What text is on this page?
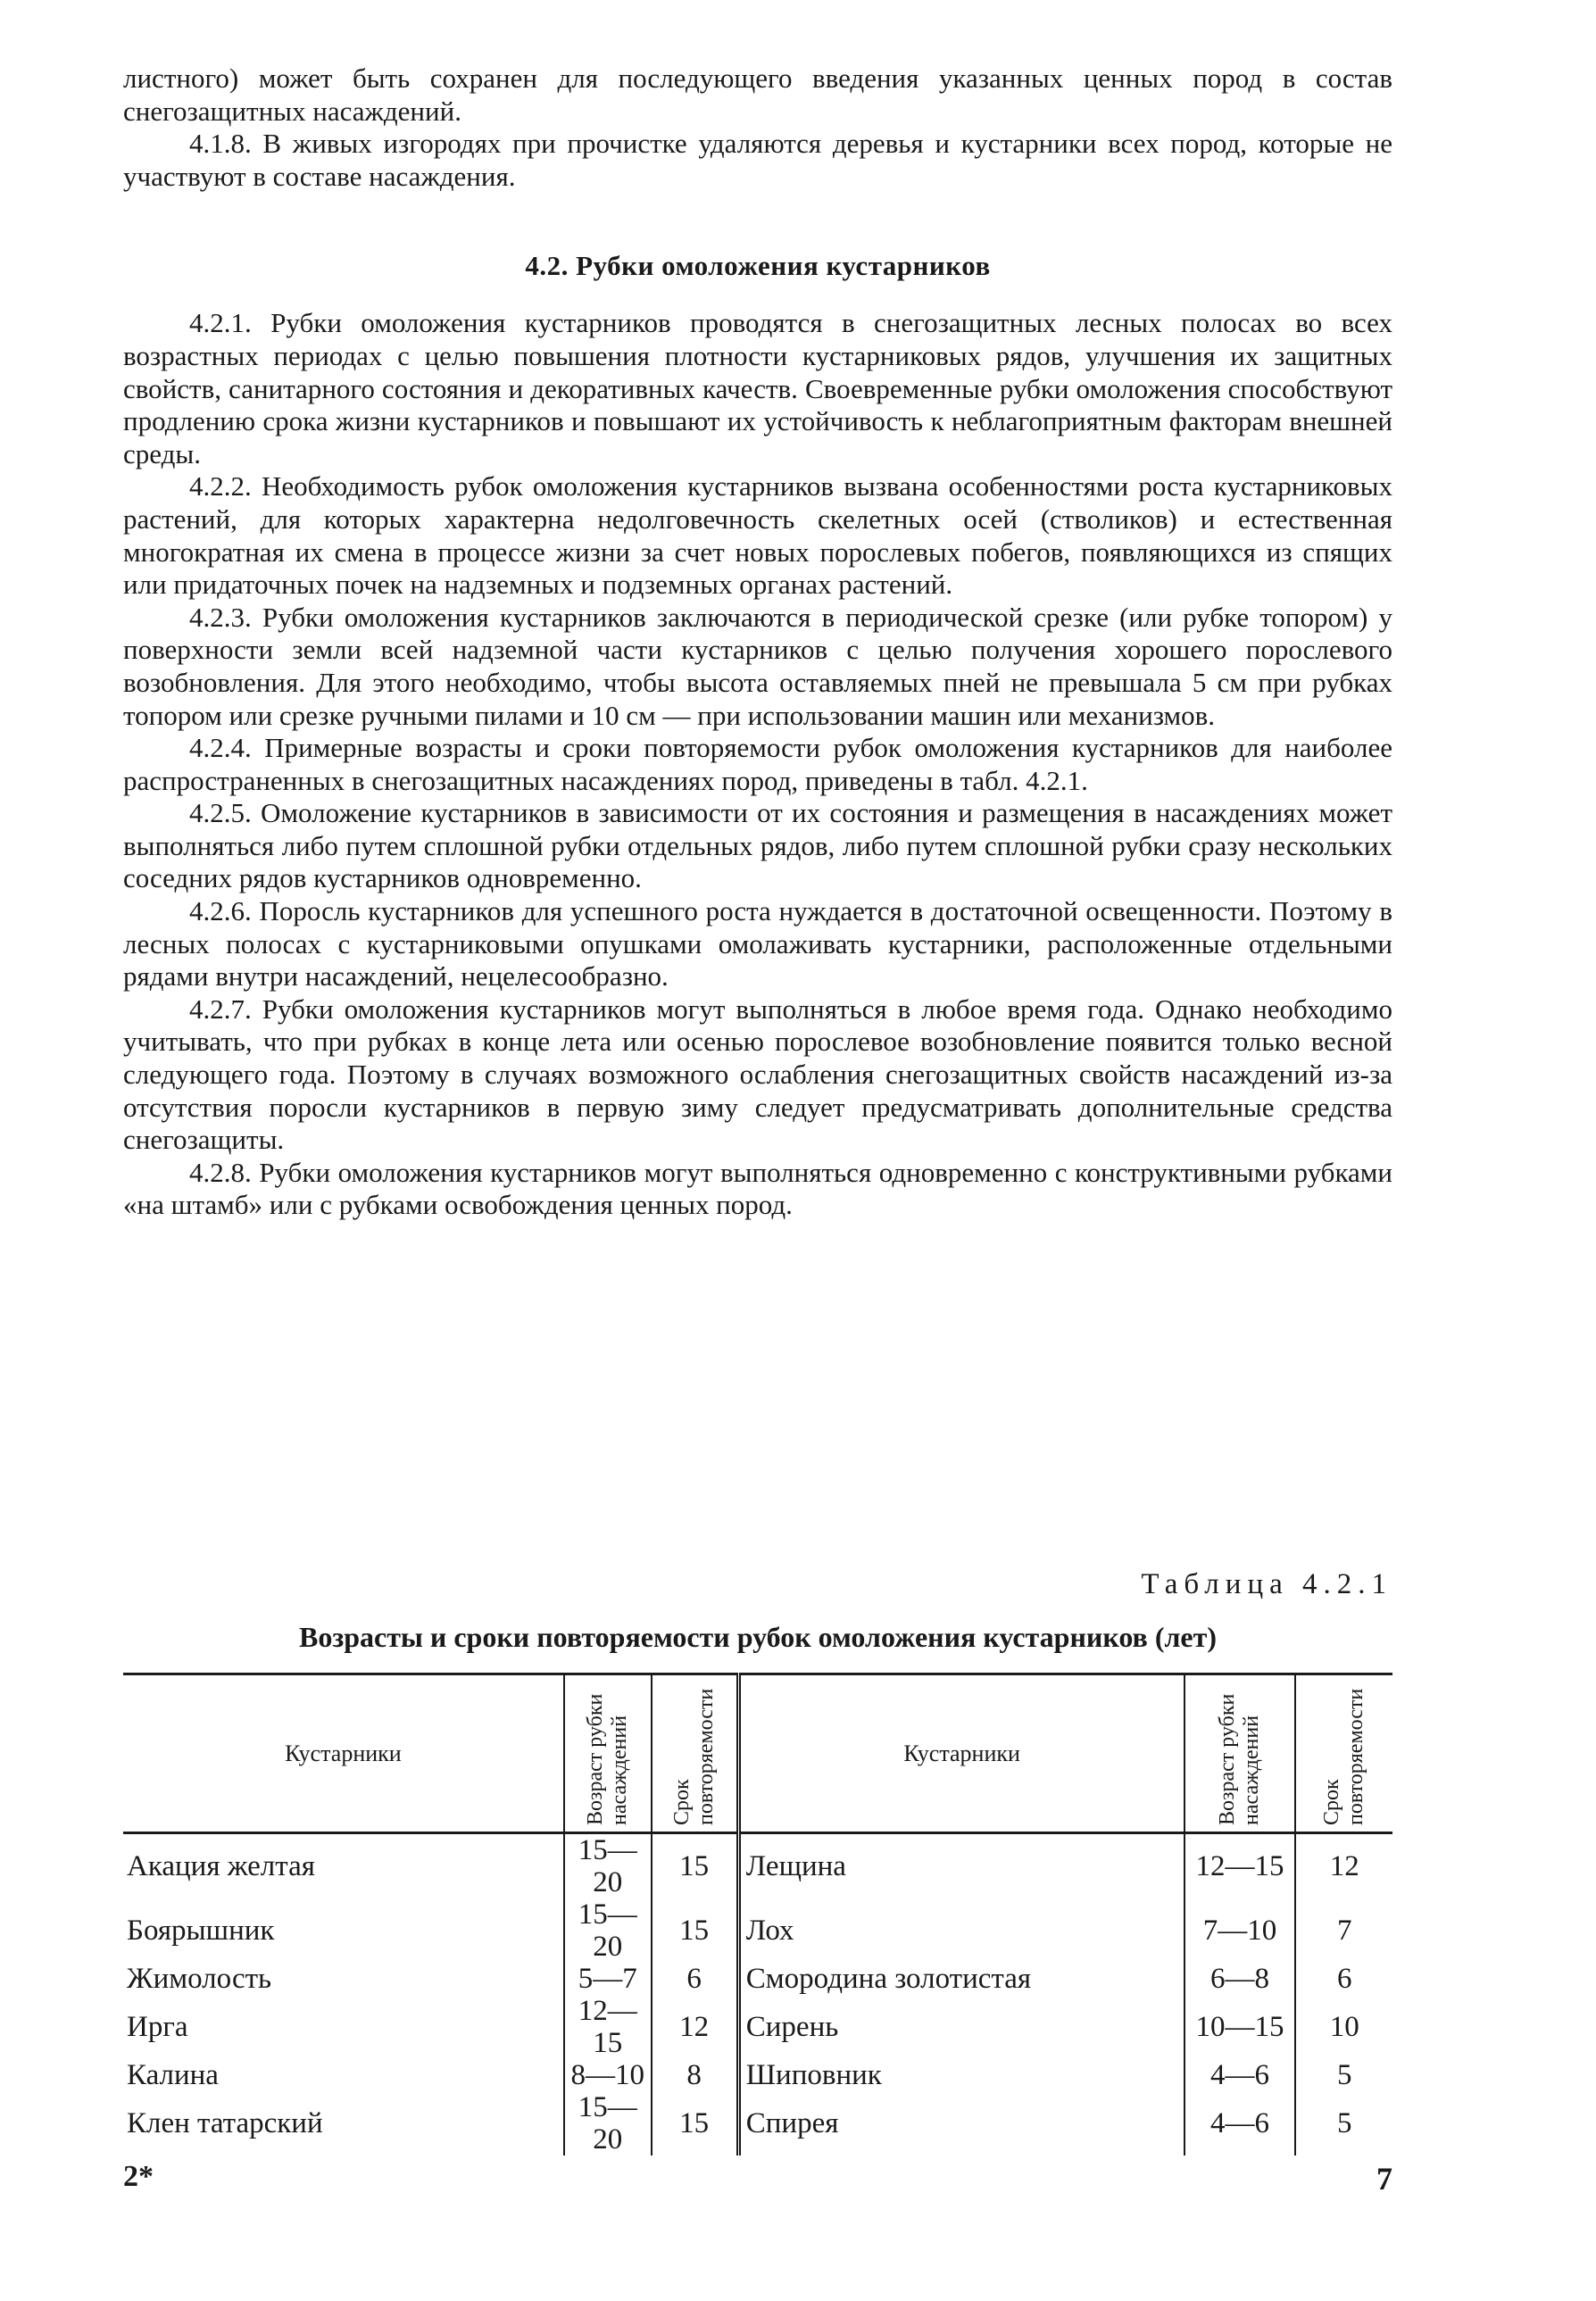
листного) может быть сохранен для последующего введения указанных ценных пород в состав снегозащитных насаждений.

4.1.8. В живых изгородях при прочистке удаляются деревья и кустарники всех пород, которые не участвуют в составе насаждения.

4.2. Рубки омоложения кустарников

4.2.1. Рубки омоложения кустарников проводятся в снегозащитных лесных полосах во всех возрастных периодах с целью повышения плотности кустарниковых рядов, улучшения их защитных свойств, санитарного состояния и декоративных качеств. Своевременные рубки омоложения способствуют продлению срока жизни кустарников и повышают их устойчивость к неблагоприятным факторам внешней среды.

4.2.2. Необходимость рубок омоложения кустарников вызвана особенностями роста кустарниковых растений, для которых характерна недолговечность скелетных осей (стволиков) и естественная многократная их смена в процессе жизни за счет новых порослевых побегов, появляющихся из спящих или придаточных почек на надземных и подземных органах растений.

4.2.3. Рубки омоложения кустарников заключаются в периодической срезке (или рубке топором) у поверхности земли всей надземной части кустарников с целью получения хорошего порослевого возобновления. Для этого необходимо, чтобы высота оставляемых пней не превышала 5 см при рубках топором или срезке ручными пилами и 10 см — при использовании машин или механизмов.

4.2.4. Примерные возрасты и сроки повторяемости рубок омоложения кустарников для наиболее распространенных в снегозащитных насаждениях пород, приведены в табл. 4.2.1.

4.2.5. Омоложение кустарников в зависимости от их состояния и размещения в насаждениях может выполняться либо путем сплошной рубки отдельных рядов, либо путем сплошной рубки сразу нескольких соседних рядов кустарников одновременно.

4.2.6. Поросль кустарников для успешного роста нуждается в достаточной освещенности. Поэтому в лесных полосах с кустарниковыми опушками омолаживать кустарники, расположенные отдельными рядами внутри насаждений, нецелесообразно.

4.2.7. Рубки омоложения кустарников могут выполняться в любое время года. Однако необходимо учитывать, что при рубках в конце лета или осенью порослевое возобновление появится только весной следующего года. Поэтому в случаях возможного ослабления снегозащитных свойств насаждений из-за отсутствия поросли кустарников в первую зиму следует предусматривать дополнительные средства снегозащиты.

4.2.8. Рубки омоложения кустарников могут выполняться одновременно с конструктивными рубками «на штамб» или с рубками освобождения ценных пород.

Таблица 4.2.1
Возрасты и сроки повторяемости рубок омоложения кустарников (лет)
Кустарники	Возраст рубки насаждений	Срок повторяемости	Кустарники	Возраст рубки насаждений	Срок повторяемости
Акация желтая	15—20	15	Лещина	12—15	12
Боярышник	15—20	15	Лох	7—10	7
Жимолость	5—7	6	Смородина золотистая	6—8	6
Ирга	12—15	12	Сирень	10—15	10
Калина	8—10	8	Шиповник	4—6	5
Клен татарский	15—20	15	Спирея	4—6	5
2*	7
